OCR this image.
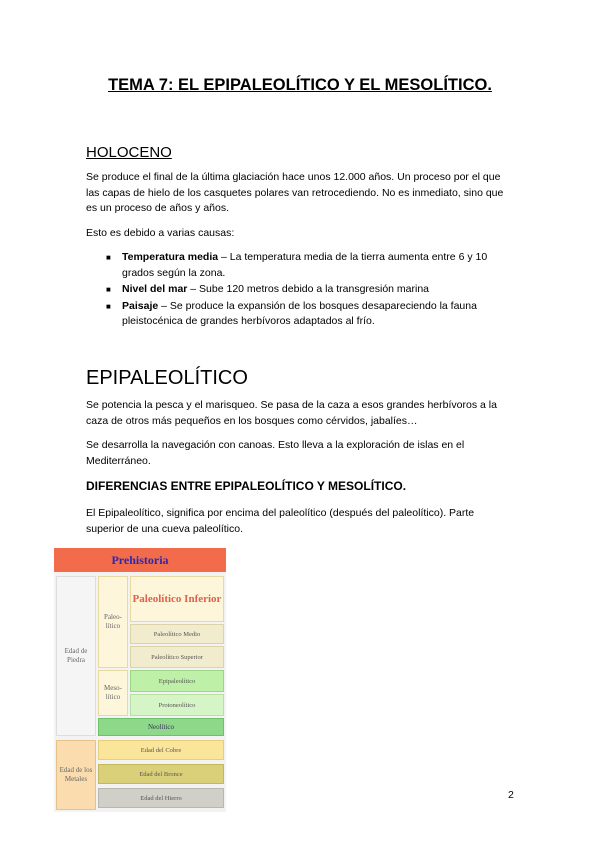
TEMA 7: EL EPIPALEOLÍTICO Y EL MESOLÍTICO.
HOLOCENO
Se produce el final de la última glaciación hace unos 12.000 años. Un proceso por el que las capas de hielo de los casquetes polares van retrocediendo. No es inmediato, sino que es un proceso de años y años.
Esto es debido a varias causas:
■ Temperatura media – La temperatura media de la tierra aumenta entre 6 y 10 grados según la zona.
■ Nivel del mar – Sube 120 metros debido a la transgresión marina
■ Paisaje – Se produce la expansión de los bosques desapareciendo la fauna pleistocénica de grandes herbívoros adaptados al frío.
EPIPALEOLÍTICO
Se potencia la pesca y el marisqueo. Se pasa de la caza a esos grandes herbívoros a la caza de otros más pequeños en los bosques como cérvidos, jabalíes…
Se desarrolla la navegación con canoas. Esto lleva a la exploración de islas en el Mediterráneo.
DIFERENCIAS ENTRE EPIPALEOLÍTICO Y MESOLÍTICO.
El Epipaleolítico, significa por encima del paleolítico (después del paleolítico). Parte superior de una cueva paleolítico.
Prehistoria
Edad de Piedra
Paleo-lítico
Meso-lítico
Paleolítico Inferior
Paleolítico Medio
Paleolítico Superior
Epipaleolítico
Protoneolítico
Neolítico
Edad de los Metales
Edad del Cobre
Edad del Bronce
Edad del Hierro	2
